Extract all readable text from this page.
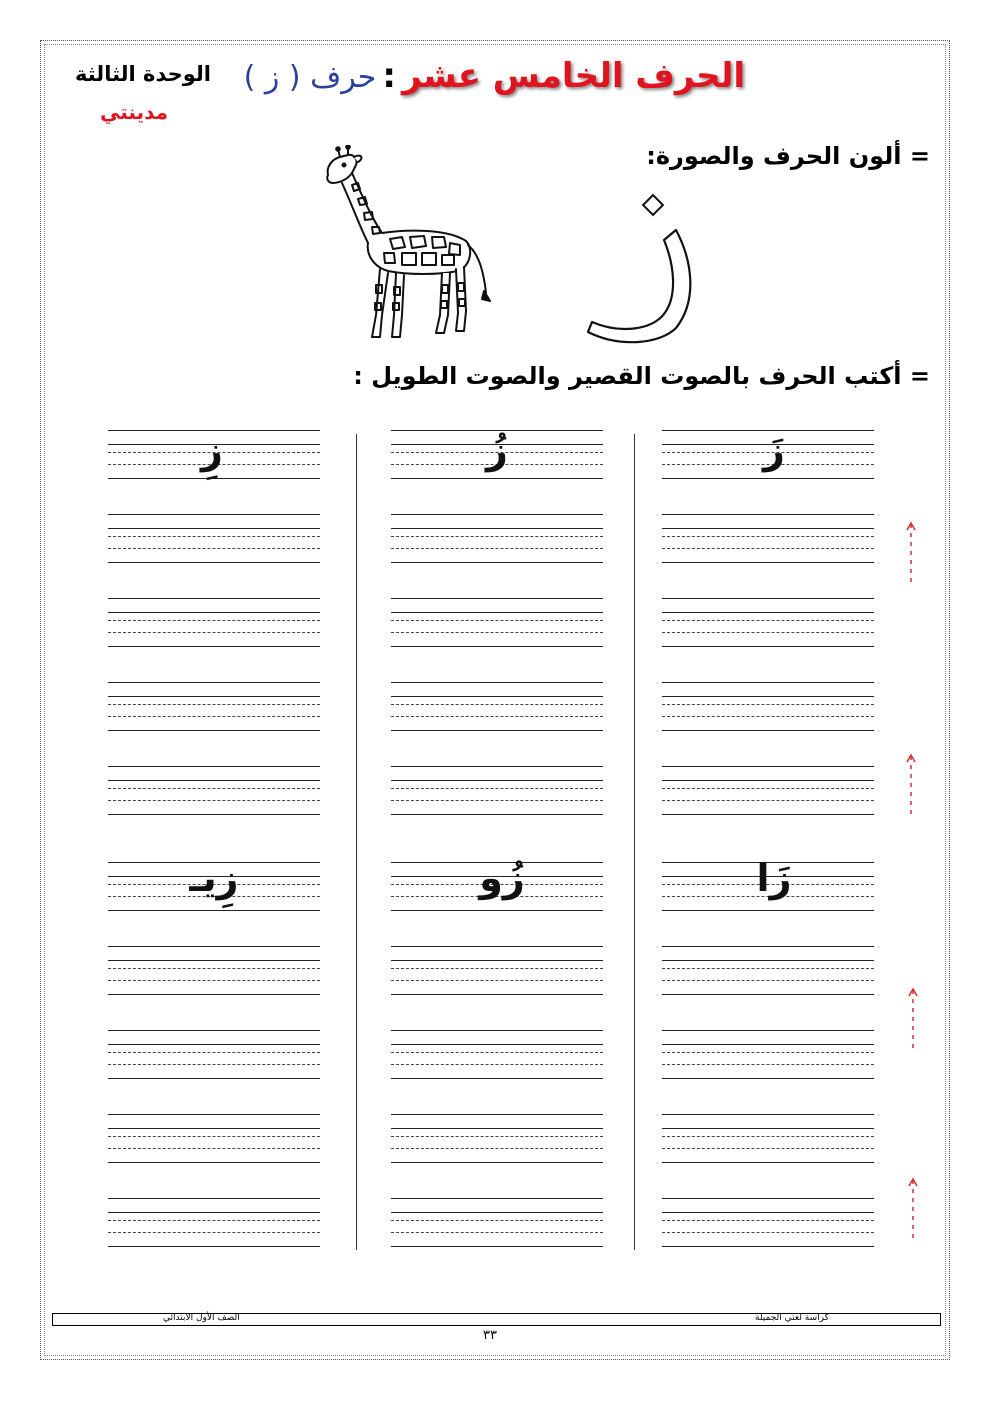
الوحدة الثالثة
مدينتي
الحرف الخامس عشر:حرف ( ز )
= ألون الحرف والصورة:
= أكتب الحرف بالصوت القصير والصوت الطويل :
زَ
زُ
زِ
زَا
زُو
زِيـ
الصف الأول الابتدائي	كراسة لغتي الجميلة
٣٣
